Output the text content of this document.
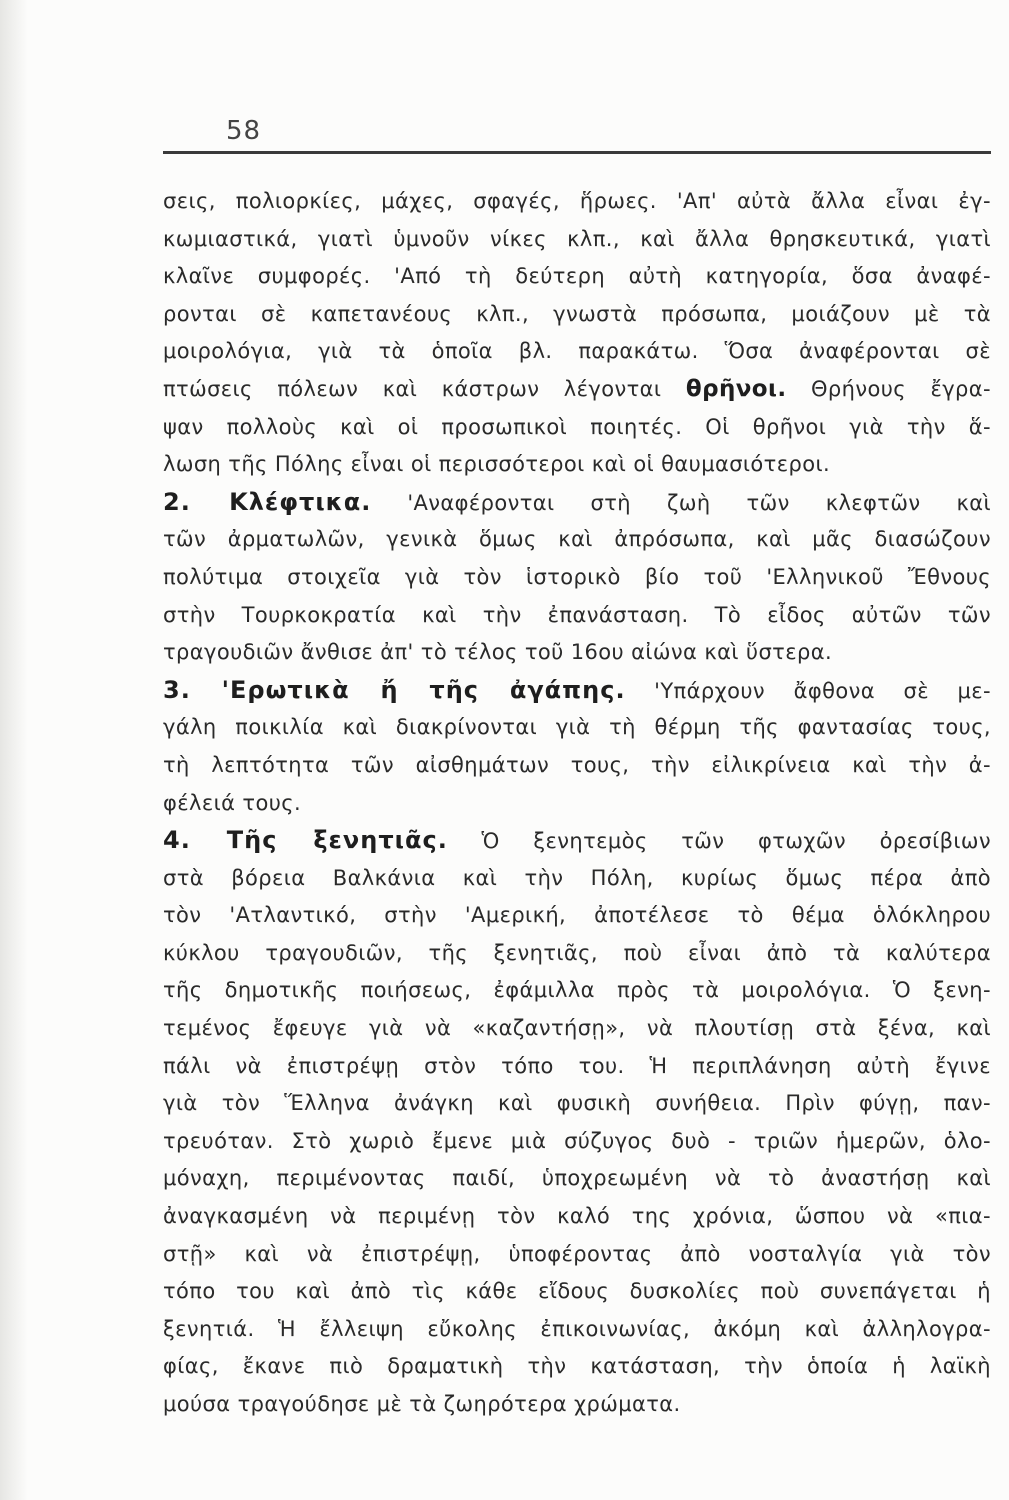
58
σεις, πολιορκίες, μάχες, σφαγές, ἥρωες. 'Απ' αὐτὰ ἄλλα εἶναι ἐγ-
κωμιαστικά, γιατὶ ὑμνοῦν νίκες κλπ., καὶ ἄλλα θρησκευτικά, γιατὶ
κλαῖνε συμφορές. 'Από τὴ δεύτερη αὐτὴ κατηγορία, ὅσα ἀναφέ-
ρονται σὲ καπετανέους κλπ., γνωστὰ πρόσωπα, μοιάζουν μὲ τὰ
μοιρολόγια, γιὰ τὰ ὁποῖα βλ. παρακάτω. Ὅσα ἀναφέρονται σὲ
πτώσεις πόλεων καὶ κάστρων λέγονται θρῆνοι. Θρήνους ἔγρα-
ψαν πολλοὺς καὶ οἱ προσωπικοὶ ποιητές. Οἱ θρῆνοι γιὰ τὴν ἅ-
λωση τῆς Πόλης εἶναι οἱ περισσότεροι καὶ οἱ θαυμασιότεροι.
2. Κλέφτικα. 'Αναφέρονται στὴ ζωὴ τῶν κλεφτῶν καὶ
τῶν ἀρματωλῶν, γενικὰ ὅμως καὶ ἀπρόσωπα, καὶ μᾶς διασώζουν
πολύτιμα στοιχεῖα γιὰ τὸν ἱστορικὸ βίο τοῦ 'Ελληνικοῦ Ἔθνους
στὴν Τουρκοκρατία καὶ τὴν ἐπανάσταση. Τὸ εἶδος αὐτῶν τῶν
τραγουδιῶν ἄνθισε ἀπ' τὸ τέλος τοῦ 16ου αἰώνα καὶ ὕστερα.
3. 'Ερωτικὰ ἤ τῆς ἀγάπης. 'Υπάρχουν ἄφθονα σὲ με-
γάλη ποικιλία καὶ διακρίνονται γιὰ τὴ θέρμη τῆς φαντασίας τους,
τὴ λεπτότητα τῶν αἰσθημάτων τους, τὴν εἰλικρίνεια καὶ τὴν ἀ-
φέλειά τους.
4. Τῆς ξενητιᾶς. Ὁ ξενητεμὸς τῶν φτωχῶν ὀρεσίβιων
στὰ βόρεια Βαλκάνια καὶ τὴν Πόλη, κυρίως ὅμως πέρα ἀπὸ
τὸν 'Ατλαντικό, στὴν 'Αμερική, ἀποτέλεσε τὸ θέμα ὁλόκληρου
κύκλου τραγουδιῶν, τῆς ξενητιᾶς, ποὺ εἶναι ἀπὸ τὰ καλύτερα
τῆς δημοτικῆς ποιήσεως, ἐφάμιλλα πρὸς τὰ μοιρολόγια. Ὁ ξενη-
τεμένος ἔφευγε γιὰ νὰ «καζαντήσῃ», νὰ πλουτίσῃ στὰ ξένα, καὶ
πάλι νὰ ἐπιστρέψῃ στὸν τόπο του. Ἡ περιπλάνηση αὐτὴ ἔγινε
γιὰ τὸν Ἕλληνα ἀνάγκη καὶ φυσικὴ συνήθεια. Πρὶν φύγῃ, παν-
τρευόταν. Στὸ χωριὸ ἔμενε μιὰ σύζυγος δυὸ - τριῶν ἡμερῶν, ὁλο-
μόναχη, περιμένοντας παιδί, ὑποχρεωμένη νὰ τὸ ἀναστήσῃ καὶ
ἀναγκασμένη νὰ περιμένῃ τὸν καλό της χρόνια, ὥσπου νὰ «πια-
στῇ» καὶ νὰ ἐπιστρέψῃ, ὑποφέροντας ἀπὸ νοσταλγία γιὰ τὸν
τόπο του καὶ ἀπὸ τὶς κάθε εἴδους δυσκολίες ποὺ συνεπάγεται ἡ
ξενητιά. Ἡ ἔλλειψη εὔκολης ἐπικοινωνίας, ἀκόμη καὶ ἀλληλογρα-
φίας, ἔκανε πιὸ δραματικὴ τὴν κατάσταση, τὴν ὁποία ἡ λαϊκὴ
μούσα τραγούδησε μὲ τὰ ζωηρότερα χρώματα.
